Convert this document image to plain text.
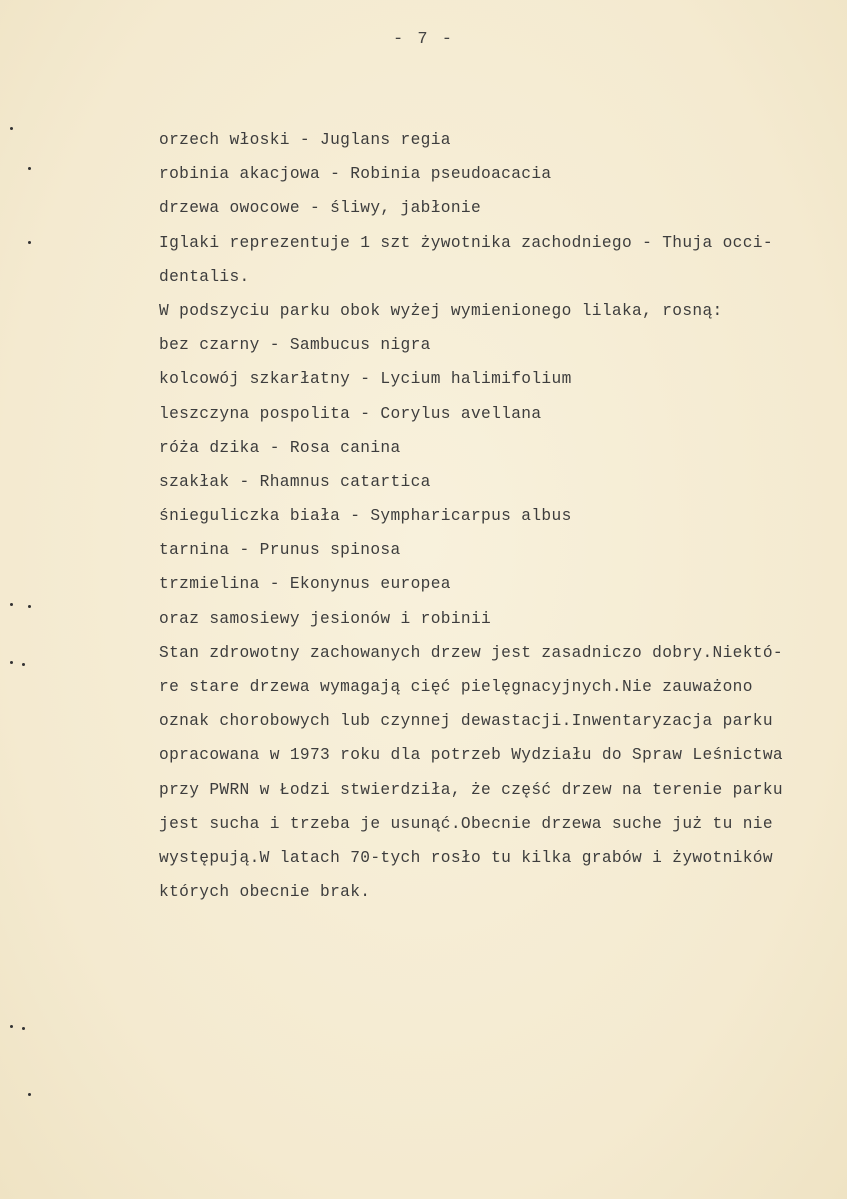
- 7 -
orzech włoski - Juglans regia
robinia akacjowa - Robinia pseudoacacia
drzewa owocowe - śliwy, jabłonie
Iglaki reprezentuje 1 szt żywotnika zachodniego - Thuja occi-
dentalis.
W podszyciu parku obok wyżej wymienionego lilaka, rosną:
bez czarny - Sambucus nigra
kolcowój szkarłatny - Lycium halimifolium
leszczyna pospolita - Corylus avellana
róża dzika - Rosa canina
szakłak - Rhamnus catartica
śnieguliczka biała - Sympharicarpus albus
tarnina - Prunus spinosa
trzmielina - Ekonynus europea
oraz samosiewy jesionów i robinii
Stan zdrowotny zachowanych drzew jest zasadniczo dobry.Niektó-
re stare drzewa wymagają cięć pielęgnacyjnych.Nie zauważono
oznak chorobowych lub czynnej dewastacji.Inwentaryzacja parku
opracowana w 1973 roku dla potrzeb Wydziału do Spraw Leśnictwa
przy PWRN w Łodzi stwierdziła, że część drzew na terenie parku
jest sucha i trzeba je usunąć.Obecnie drzewa suche już tu nie
występują.W latach 70-tych rosło tu kilka grabów i żywotników
których obecnie brak.
